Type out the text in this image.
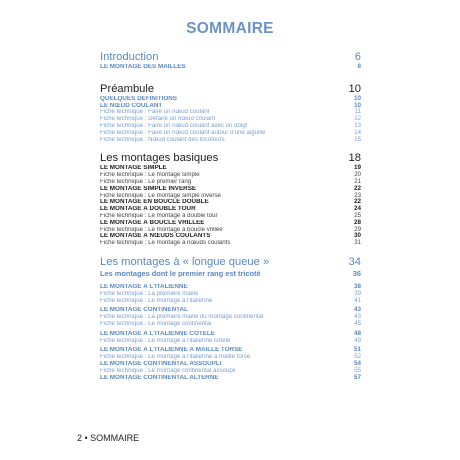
SOMMAIRE
Introduction	6
LE MONTAGE DES MAILLES	8
Préambule	10
QUELQUES DÉFINITIONS	10
LE NŒUD COULANT	10
Fiche technique : Faire un nœud coulant	11
Fiche technique : Défaire un nœud coulant	12
Fiche technique : Faire un nœud coulant avec un doigt	13
Fiche technique : Faire un nœud coulant autour d'une aiguille	14
Fiche technique : Nœud coulant des tricoteurs	15
Les montages basiques	18
LE MONTAGE SIMPLE	19
Fiche technique : Le montage simple	20
Fiche technique : Le premier rang	21
LE MONTAGE SIMPLE INVERSÉ	22
Fiche technique : Le montage simple inversé	23
LE MONTAGE EN BOUCLE DOUBLE	22
LE MONTAGE À DOUBLE TOUR	24
Fiche technique : Le montage à double tour	25
LE MONTAGE À BOUCLE VRILLÉE	28
Fiche technique : Le montage à boucle vrillée	29
LE MONTAGE À NŒUDS COULANTS	30
Fiche technique : Le montage à nœuds coulants	31
Les montages à « longue queue »	34
Les montages dont le premier rang est tricoté	36
LE MONTAGE À L'ITALIENNE	38
Fiche technique : La première maille	39
Fiche technique : Le montage à l'italienne	41
LE MONTAGE CONTINENTAL	43
Fiche technique : La première maille du montage continental	43
Fiche technique : Le montage continental	45
LE MONTAGE À L'ITALIENNE CÔTELÉ	48
Fiche technique : Le montage à l'italienne côtelé	49
LE MONTAGE À L'ITALIENNE À MAILLE TORSE	51
Fiche technique : Le montage à l'italienne à maille torse	52
LE MONTAGE CONTINENTAL ASSOUPLI	54
Fiche technique : Le montage continental assoupli	55
LE MONTAGE CONTINENTAL ALTERNÉ	57
2 • SOMMAIRE
